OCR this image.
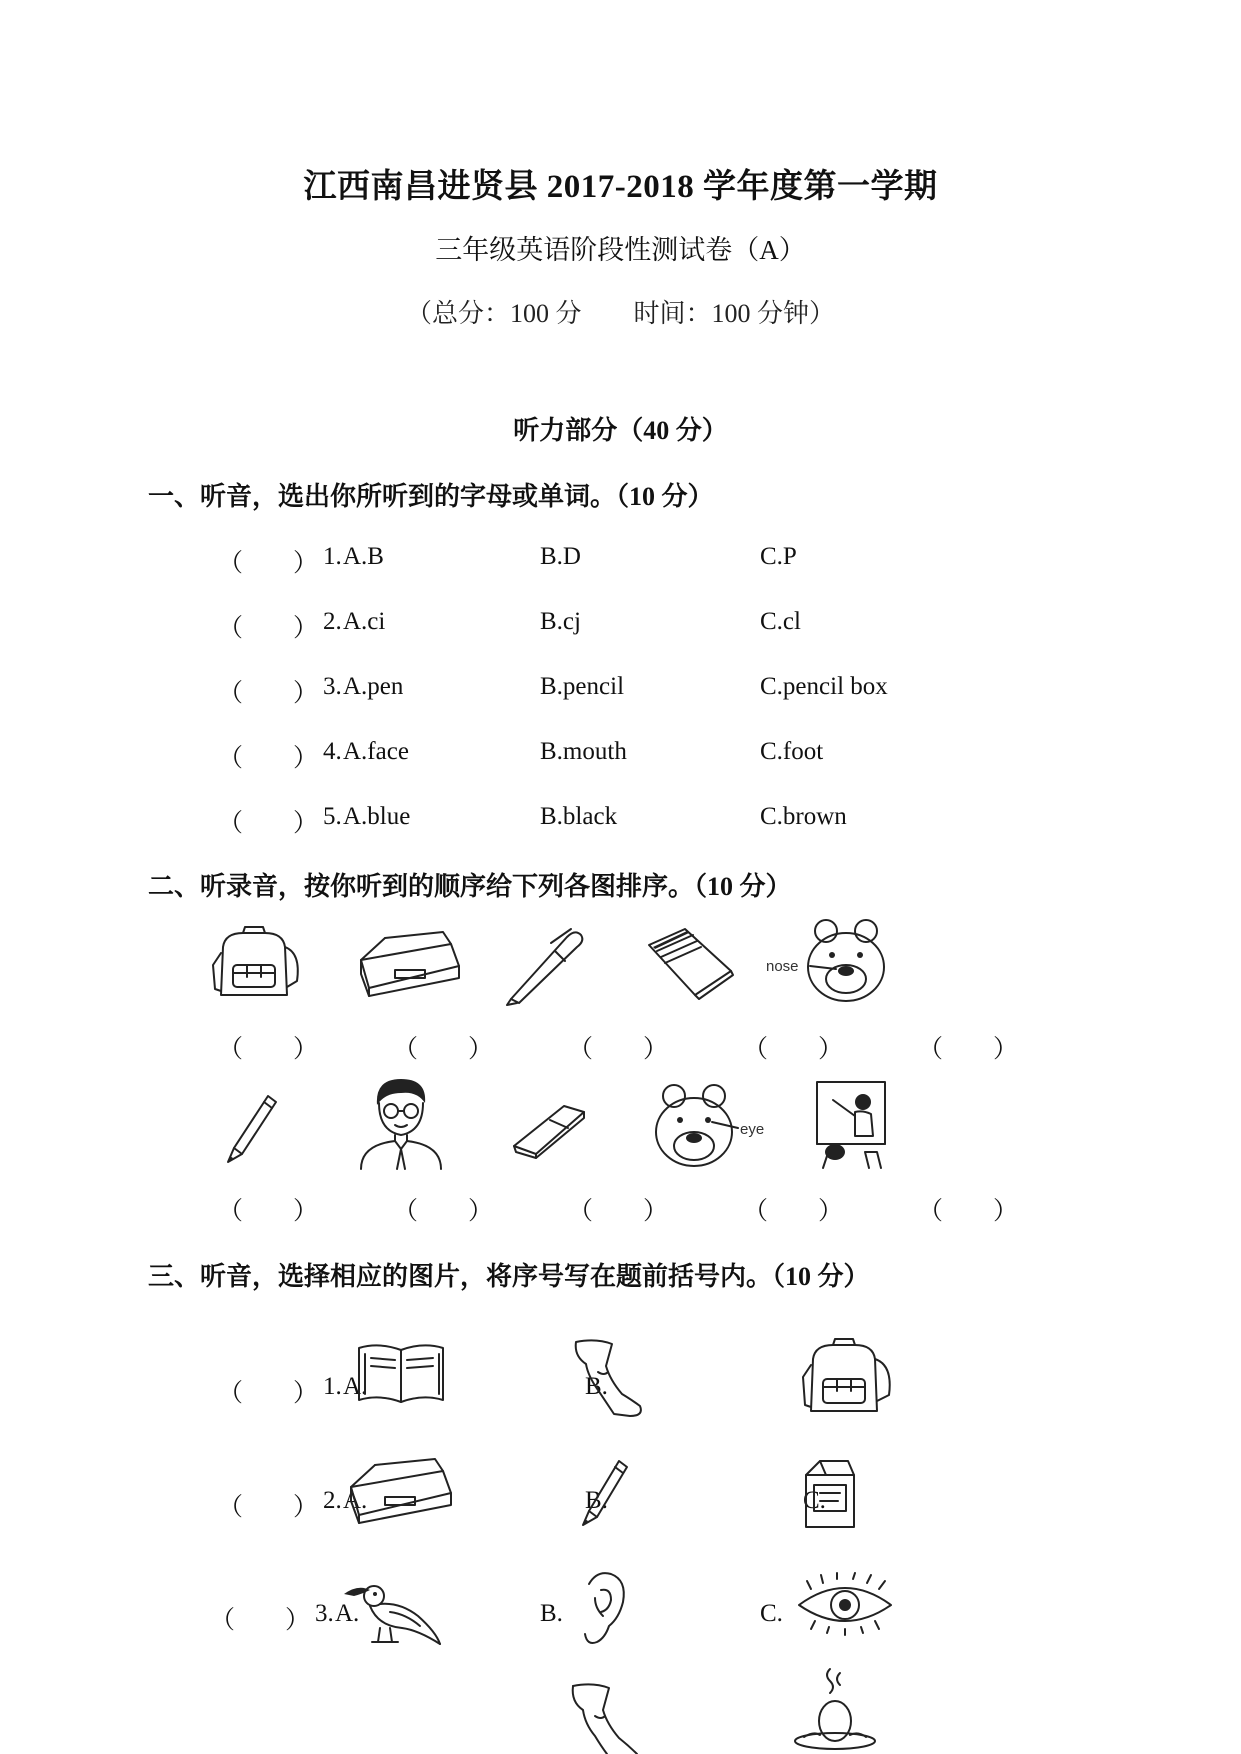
江西南昌进贤县 2017-2018 学年度第一学期
三年级英语阶段性测试卷（A）
（总分：100 分　　时间：100 分钟）
听力部分（40 分）
一、听音，选出你所听到的字母或单词。（10 分）
（　　） 1. A.B	B.D	C.P
（　　） 2. A.ci	B.cj	C.cl
（　　） 3. A.pen	B.pencil	C.pencil box
（　　） 4. A.face	B.mouth	C.foot
（　　） 5. A.blue	B.black	C.brown
二、听录音，按你听到的顺序给下列各图排序。（10 分）
nose
（　　）	（　　）	（　　）	（　　）	（　　）
eye
（　　）	（　　）	（　　）	（　　）	（　　）
三、听音，选择相应的图片，将序号写在题前括号内。（10 分）
（　　） 1. A.	B.
（　　） 2. A.	B.	C.
（　　） 3. A.	B.	C.
